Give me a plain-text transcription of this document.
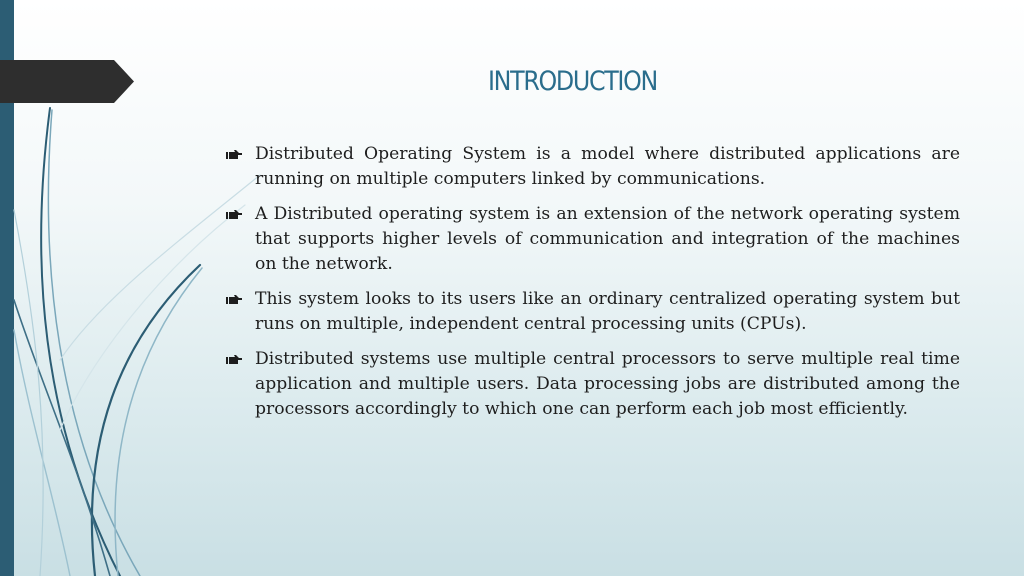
INTRODUCTION
Distributed Operating System is a model where distributed applications are running on multiple computers linked by communications.
A Distributed operating system is an extension of the network operating system that supports higher levels of communication and integration of the machines on the network.
This system looks to its users like an ordinary centralized operating system but runs on multiple, independent central processing units (CPUs).
Distributed systems use multiple central processors to serve multiple real time application and multiple users. Data processing jobs are distributed among the processors accordingly to which one can perform each job most efficiently.
